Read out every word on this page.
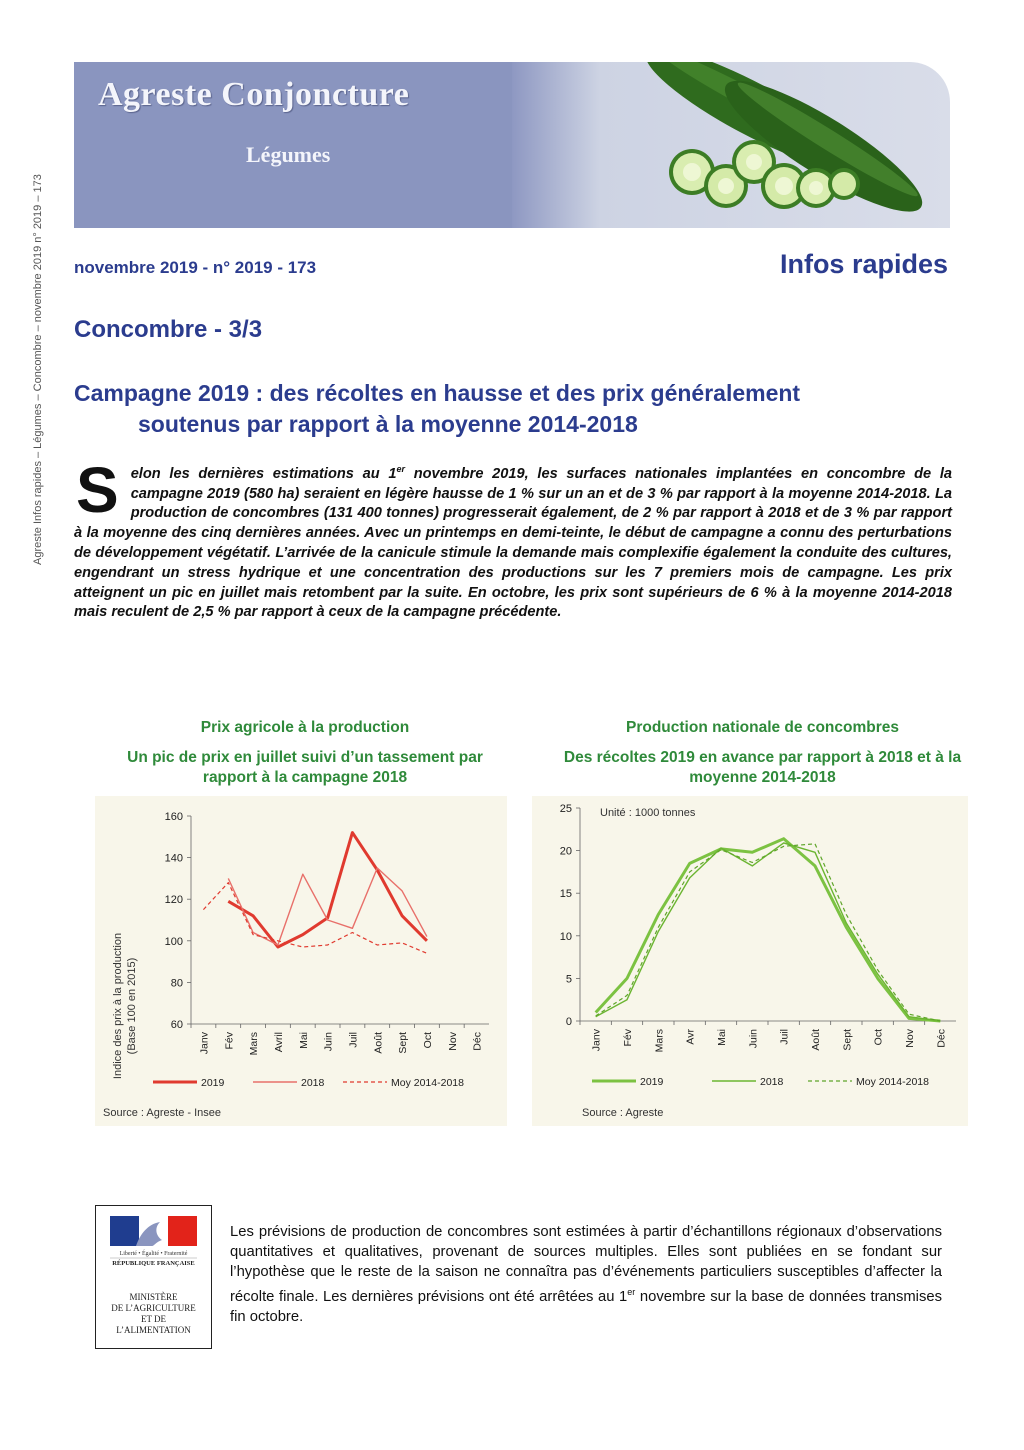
Agreste Infos rapides – Légumes – Concombre – novembre 2019 n° 2019 – 173
Agreste Conjoncture
Légumes
novembre 2019 - n° 2019 - 173	Infos rapides
Concombre - 3/3
Campagne 2019 : des récoltes en hausse et des prix généralement
soutenus par rapport à la moyenne 2014-2018
Selon les dernières estimations au 1er novembre 2019, les surfaces nationales implantées en concombre de la campagne 2019 (580 ha) seraient en légère hausse de 1 % sur un an et de 3 % par rapport à la moyenne 2014-2018. La production de concombres (131 400 tonnes) progresserait également, de 2 % par rapport à 2018 et de 3 % par rapport à la moyenne des cinq dernières années. Avec un printemps en demi-teinte, le début de campagne a connu des perturbations de développement végétatif. L’arrivée de la canicule stimule la demande mais complexifie également la conduite des cultures, engendrant un stress hydrique et une concentration des productions sur les 7 premiers mois de campagne. Les prix atteignent un pic en juillet mais retombent par la suite. En octobre, les prix sont supérieurs de 6 % à la moyenne 2014-2018 mais reculent de 2,5 % par rapport à ceux de la campagne précédente.
Prix agricole à la production
Un pic de prix en juillet suivi d’un tassement par
rapport à la campagne 2018
Production nationale de concombres
Des récoltes 2019 en avance par rapport à 2018 et à la
moyenne 2014-2018
Indice des prix à la production (Base 100 en 2015)
Source : Agreste - Insee
60
80
100
120
140
160
Janv Fév Mars Avril Mai Juin Juil Août Sept Oct Nov Déc
2019	2018	Moy 2014-2018
Unité : 1000 tonnes
Source : Agreste
0
5
10
15
20
25
Janv Fév Mars Avr Mai Juin Juil Août Sept Oct Nov Déc
2019	2018	Moy 2014-2018
Liberté • Égalité • Fraternité
RÉPUBLIQUE FRANÇAISE
MINISTÈRE
DE L’AGRICULTURE
ET DE
L’ALIMENTATION
Les prévisions de production de concombres sont estimées à partir d’échantillons régionaux d’observations quantitatives et qualitatives, provenant de sources multiples. Elles sont publiées en se fondant sur l’hypothèse que le reste de la saison ne connaîtra pas d’événements particuliers susceptibles d’affecter la récolte finale. Les dernières prévisions ont été arrêtées au 1er novembre sur la base de données transmises fin octobre.
